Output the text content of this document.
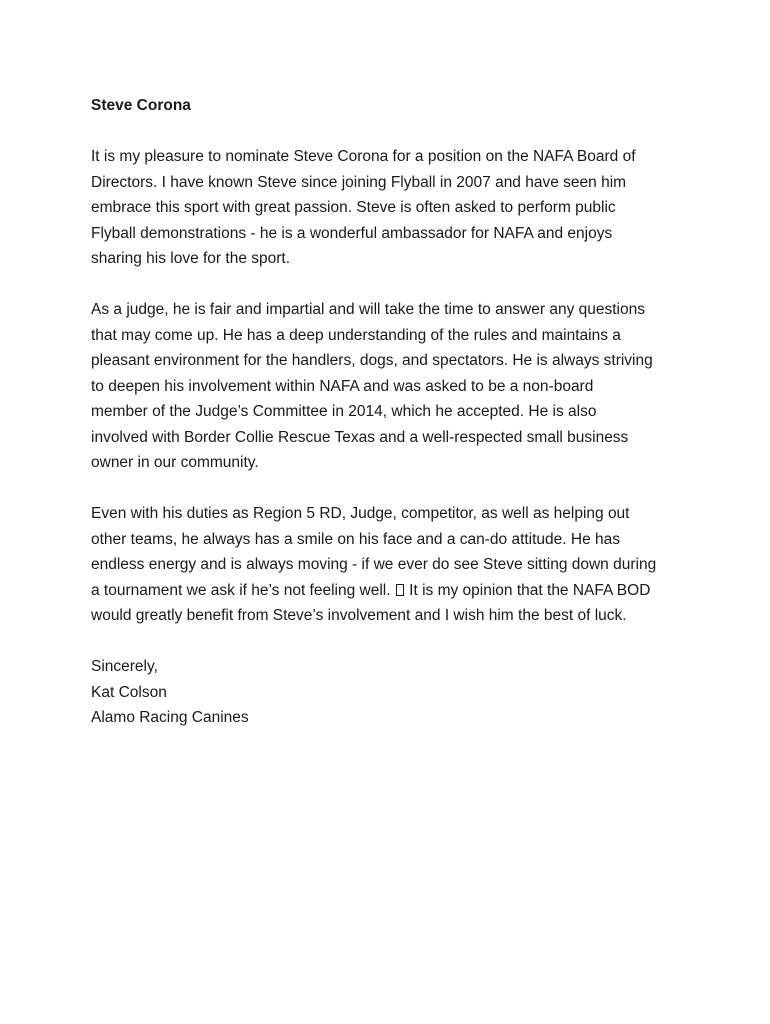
Steve Corona
It is my pleasure to nominate Steve Corona for a position on the NAFA Board of
Directors. I have known Steve since joining Flyball in 2007 and have seen him
embrace this sport with great passion. Steve is often asked to perform public
Flyball demonstrations - he is a wonderful ambassador for NAFA and enjoys
sharing his love for the sport.
As a judge, he is fair and impartial and will take the time to answer any questions
that may come up. He has a deep understanding of the rules and maintains a
pleasant environment for the handlers, dogs, and spectators. He is always striving
to deepen his involvement within NAFA and was asked to be a non-board
member of the Judge’s Committee in 2014, which he accepted. He is also
involved with Border Collie Rescue Texas and a well-respected small business
owner in our community.
Even with his duties as Region 5 RD, Judge, competitor, as well as helping out
other teams, he always has a smile on his face and a can-do attitude. He has
endless energy and is always moving - if we ever do see Steve sitting down during
a tournament we ask if he’s not feeling well.  It is my opinion that the NAFA BOD
would greatly benefit from Steve’s involvement and I wish him the best of luck.
Sincerely,
Kat Colson
Alamo Racing Canines
